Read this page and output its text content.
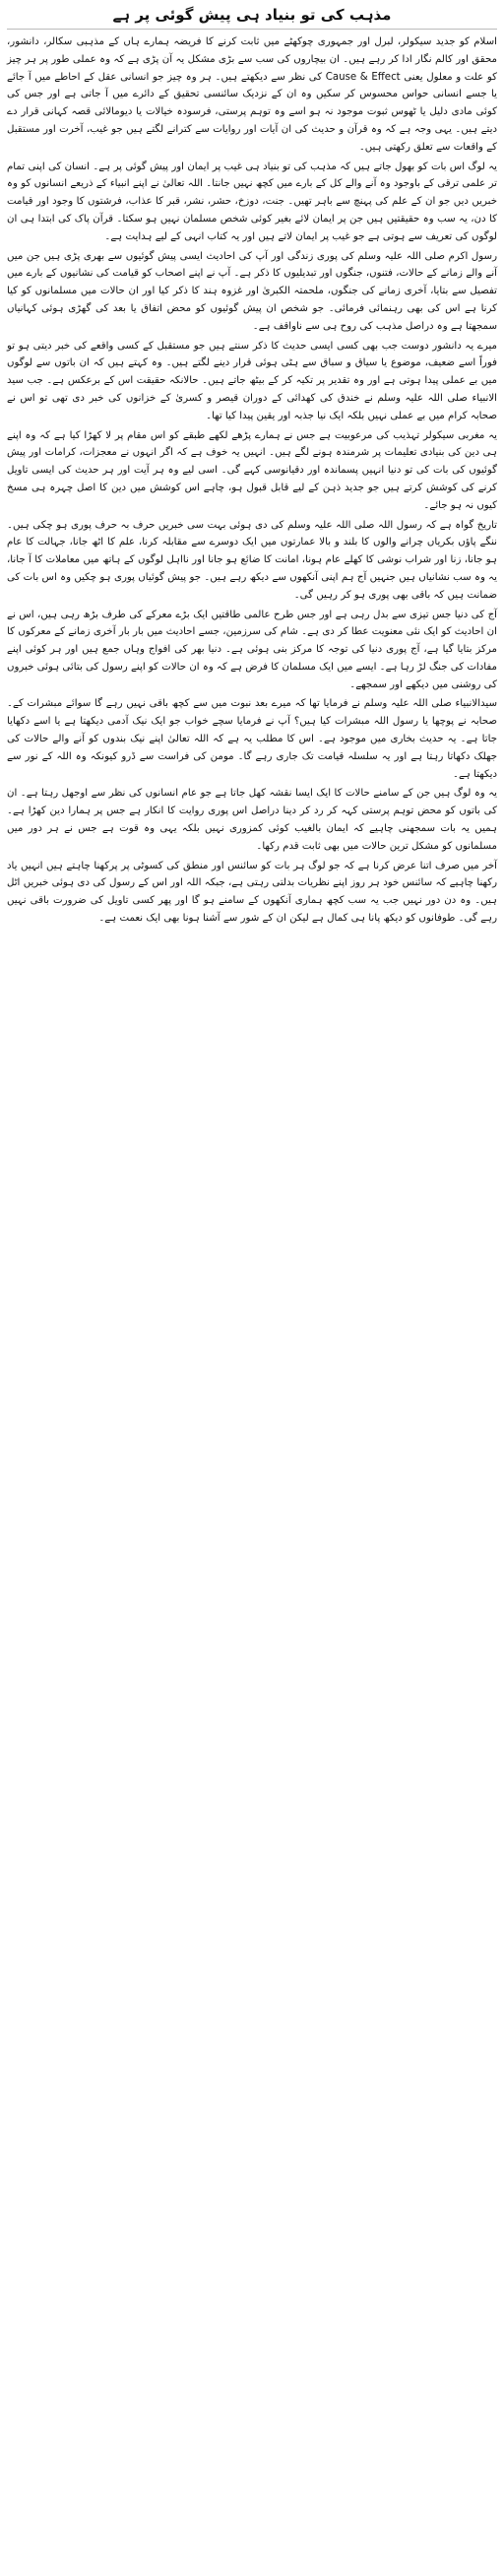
مذہب کی تو بنیاد ہی پیش گوئی پر ہے

اسلام کو جدید سیکولر، لبرل اور جمہوری چوکھٹے میں ثابت کرنے کا فریضہ ہمارے ہاں کے مذہبی سکالر، دانشور، محقق اور کالم نگار ادا کر رہے ہیں۔ ان بیچاروں کی سب سے بڑی مشکل یہ آن پڑی ہے کہ وہ عملی طور پر ہر چیز کو علت و معلول یعنی Cause & Effect کی نظر سے دیکھتے ہیں۔ ہر وہ چیز جو انسانی عقل کے احاطے میں آ جائے یا جسے انسانی حواس محسوس کر سکیں وہ ان کے نزدیک سائنسی تحقیق کے دائرے میں آ جاتی ہے اور جس کی کوئی مادی دلیل یا ٹھوس ثبوت موجود نہ ہو اسے وہ توہم پرستی، فرسودہ خیالات یا دیومالائی قصہ کہانی قرار دے دیتے ہیں۔ یہی وجہ ہے کہ وہ قرآن و حدیث کی ان آیات اور روایات سے کترانے لگتے ہیں جو غیب، آخرت اور مستقبل کے واقعات سے تعلق رکھتی ہیں۔

یہ لوگ اس بات کو بھول جاتے ہیں کہ مذہب کی تو بنیاد ہی غیب پر ایمان اور پیش گوئی پر ہے۔ انسان کی اپنی تمام تر علمی ترقی کے باوجود وہ آنے والے کل کے بارے میں کچھ نہیں جانتا۔ اللہ تعالیٰ نے اپنے انبیاء کے ذریعے انسانوں کو وہ خبریں دیں جو ان کے علم کی پہنچ سے باہر تھیں۔ جنت، دوزخ، حشر، نشر، قبر کا عذاب، فرشتوں کا وجود اور قیامت کا دن، یہ سب وہ حقیقتیں ہیں جن پر ایمان لائے بغیر کوئی شخص مسلمان نہیں ہو سکتا۔ قرآن پاک کی ابتدا ہی ان لوگوں کی تعریف سے ہوتی ہے جو غیب پر ایمان لاتے ہیں اور یہ کتاب انہی کے لیے ہدایت ہے۔

رسول اکرم صلی اللہ علیہ وسلم کی پوری زندگی اور آپ کی احادیث ایسی پیش گوئیوں سے بھری پڑی ہیں جن میں آنے والے زمانے کے حالات، فتنوں، جنگوں اور تبدیلیوں کا ذکر ہے۔ آپ نے اپنے اصحاب کو قیامت کی نشانیوں کے بارے میں تفصیل سے بتایا، آخری زمانے کی جنگوں، ملحمتہ الکبریٰ اور غزوہ ہند کا ذکر کیا اور ان حالات میں مسلمانوں کو کیا کرنا ہے اس کی بھی رہنمائی فرمائی۔ جو شخص ان پیش گوئیوں کو محض اتفاق یا بعد کی گھڑی ہوئی کہانیاں سمجھتا ہے وہ دراصل مذہب کی روح ہی سے ناواقف ہے۔

میرے یہ دانشور دوست جب بھی کسی ایسی حدیث کا ذکر سنتے ہیں جو مستقبل کے کسی واقعے کی خبر دیتی ہو تو فوراً اسے ضعیف، موضوع یا سیاق و سباق سے ہٹی ہوئی قرار دینے لگتے ہیں۔ وہ کہتے ہیں کہ ان باتوں سے لوگوں میں بے عملی پیدا ہوتی ہے اور وہ تقدیر پر تکیہ کر کے بیٹھ جاتے ہیں۔ حالانکہ حقیقت اس کے برعکس ہے۔ جب سید الانبیاء صلی اللہ علیہ وسلم نے خندق کی کھدائی کے دوران قیصر و کسریٰ کے خزانوں کی خبر دی تھی تو اس نے صحابہ کرام میں بے عملی نہیں بلکہ ایک نیا جذبہ اور یقین پیدا کیا تھا۔

یہ مغربی سیکولر تہذیب کی مرعوبیت ہے جس نے ہمارے پڑھے لکھے طبقے کو اس مقام پر لا کھڑا کیا ہے کہ وہ اپنے ہی دین کی بنیادی تعلیمات پر شرمندہ ہونے لگے ہیں۔ انہیں یہ خوف ہے کہ اگر انہوں نے معجزات، کرامات اور پیش گوئیوں کی بات کی تو دنیا انہیں پسماندہ اور دقیانوسی کہے گی۔ اسی لیے وہ ہر آیت اور ہر حدیث کی ایسی تاویل کرنے کی کوشش کرتے ہیں جو جدید ذہن کے لیے قابل قبول ہو، چاہے اس کوشش میں دین کا اصل چہرہ ہی مسخ کیوں نہ ہو جائے۔

تاریخ گواہ ہے کہ رسول اللہ صلی اللہ علیہ وسلم کی دی ہوئی بہت سی خبریں حرف بہ حرف پوری ہو چکی ہیں۔ ننگے پاؤں بکریاں چرانے والوں کا بلند و بالا عمارتوں میں ایک دوسرے سے مقابلہ کرنا، علم کا اٹھ جانا، جہالت کا عام ہو جانا، زنا اور شراب نوشی کا کھلے عام ہونا، امانت کا ضائع ہو جانا اور نااہل لوگوں کے ہاتھ میں معاملات کا آ جانا، یہ وہ سب نشانیاں ہیں جنہیں آج ہم اپنی آنکھوں سے دیکھ رہے ہیں۔ جو پیش گوئیاں پوری ہو چکیں وہ اس بات کی ضمانت ہیں کہ باقی بھی پوری ہو کر رہیں گی۔

آج کی دنیا جس تیزی سے بدل رہی ہے اور جس طرح عالمی طاقتیں ایک بڑے معرکے کی طرف بڑھ رہی ہیں، اس نے ان احادیث کو ایک نئی معنویت عطا کر دی ہے۔ شام کی سرزمین، جسے احادیث میں بار بار آخری زمانے کے معرکوں کا مرکز بتایا گیا ہے، آج پوری دنیا کی توجہ کا مرکز بنی ہوئی ہے۔ دنیا بھر کی افواج وہاں جمع ہیں اور ہر کوئی اپنے مفادات کی جنگ لڑ رہا ہے۔ ایسے میں ایک مسلمان کا فرض ہے کہ وہ ان حالات کو اپنے رسول کی بتائی ہوئی خبروں کی روشنی میں دیکھے اور سمجھے۔

سیدالانبیاء صلی اللہ علیہ وسلم نے فرمایا تھا کہ میرے بعد نبوت میں سے کچھ باقی نہیں رہے گا سوائے مبشرات کے۔ صحابہ نے پوچھا یا رسول اللہ مبشرات کیا ہیں؟ آپ نے فرمایا سچے خواب جو ایک نیک آدمی دیکھتا ہے یا اسے دکھایا جاتا ہے۔ یہ حدیث بخاری میں موجود ہے۔ اس کا مطلب یہ ہے کہ اللہ تعالیٰ اپنے نیک بندوں کو آنے والے حالات کی جھلک دکھاتا رہتا ہے اور یہ سلسلہ قیامت تک جاری رہے گا۔ مومن کی فراست سے ڈرو کیونکہ وہ اللہ کے نور سے دیکھتا ہے۔

یہ وہ لوگ ہیں جن کے سامنے حالات کا ایک ایسا نقشہ کھل جاتا ہے جو عام انسانوں کی نظر سے اوجھل رہتا ہے۔ ان کی باتوں کو محض توہم پرستی کہہ کر رد کر دینا دراصل اس پوری روایت کا انکار ہے جس پر ہمارا دین کھڑا ہے۔ ہمیں یہ بات سمجھنی چاہیے کہ ایمان بالغیب کوئی کمزوری نہیں بلکہ یہی وہ قوت ہے جس نے ہر دور میں مسلمانوں کو مشکل ترین حالات میں بھی ثابت قدم رکھا۔

آخر میں صرف اتنا عرض کرنا ہے کہ جو لوگ ہر بات کو سائنس اور منطق کی کسوٹی پر پرکھنا چاہتے ہیں انہیں یاد رکھنا چاہیے کہ سائنس خود ہر روز اپنے نظریات بدلتی رہتی ہے، جبکہ اللہ اور اس کے رسول کی دی ہوئی خبریں اٹل ہیں۔ وہ دن دور نہیں جب یہ سب کچھ ہماری آنکھوں کے سامنے ہو گا اور پھر کسی تاویل کی ضرورت باقی نہیں رہے گی۔ طوفانوں کو دیکھ پانا ہی کمال ہے لیکن ان کے شور سے آشنا ہونا بھی ایک نعمت ہے۔
